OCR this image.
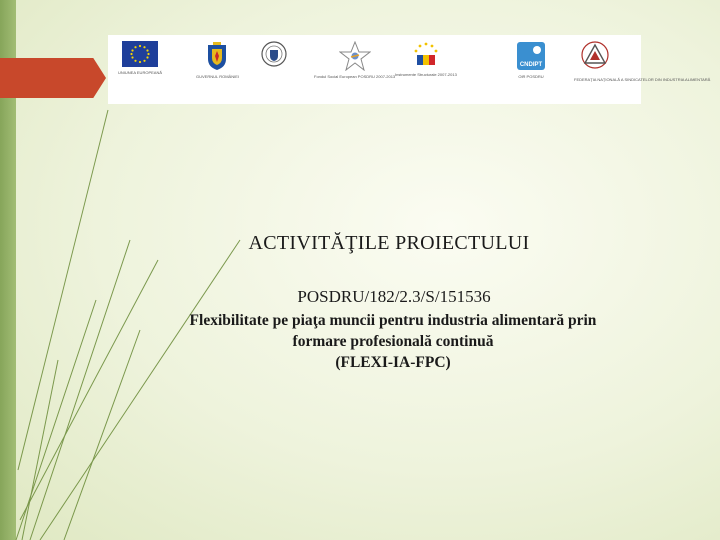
UNIUNEA EUROPEANĂ
GUVERNUL ROMÂNIEI	Fondul Social European POSDRU 2007-2013 Instrumente Structurale 2007-2013
CNDIPT
OIR POSDRU
FEDERAŢIA NAŢIONALĂ A SINDICATELOR DIN INDUSTRIA ALIMENTARĂ
ACTIVITĂŢILE PROIECTULUI
POSDRU/182/2.3/S/151536
Flexibilitate pe piaţa muncii pentru industria alimentară prin
formare profesională continuă
(FLEXI-IA-FPC)
